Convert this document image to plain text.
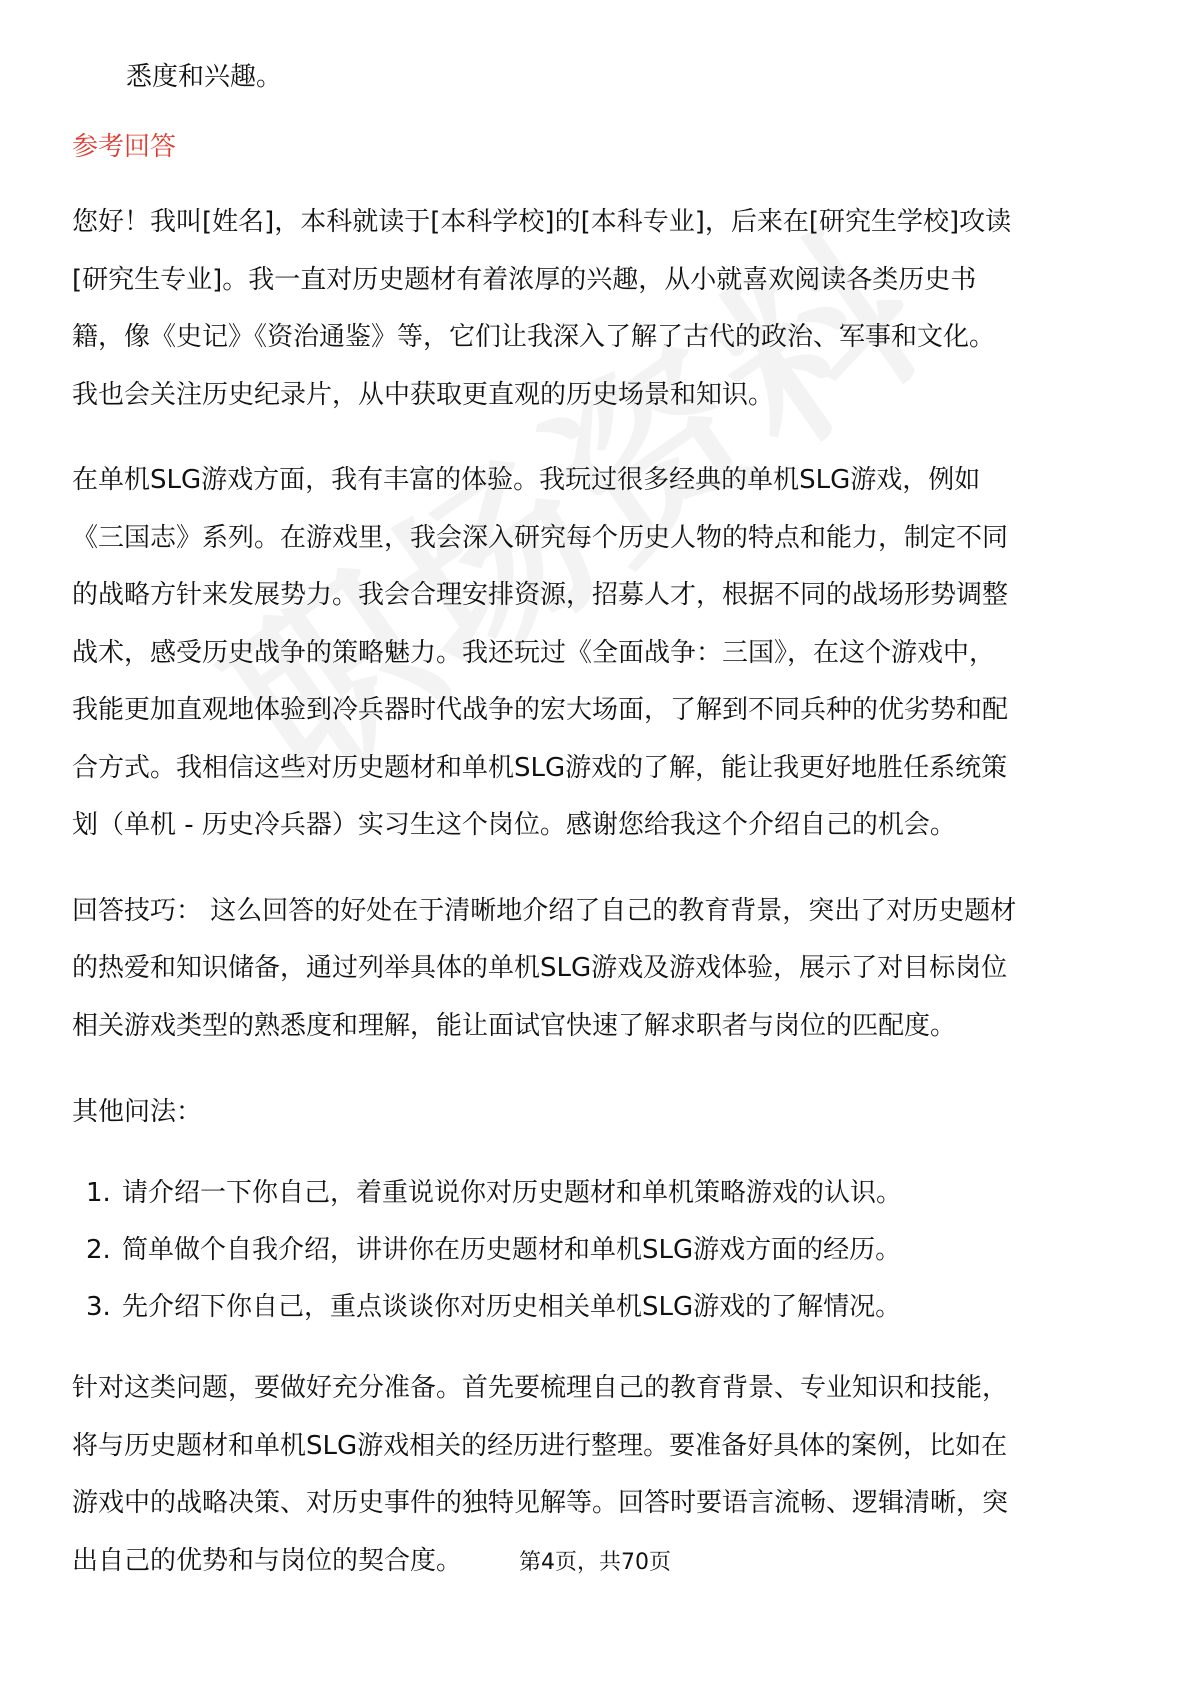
悉度和兴趣。

参考回答

您好！我叫[姓名]，本科就读于[本科学校]的[本科专业]，后来在[研究生学校]攻读

[研究生专业]。我一直对历史题材有着浓厚的兴趣，从小就喜欢阅读各类历史书

籍，像《史记》《资治通鉴》等，它们让我深入了解了古代的政治、军事和文化。

我也会关注历史纪录片，从中获取更直观的历史场景和知识。

在单机SLG游戏方面，我有丰富的体验。我玩过很多经典的单机SLG游戏，例如

《三国志》系列。在游戏里，我会深入研究每个历史人物的特点和能力，制定不同

的战略方针来发展势力。我会合理安排资源，招募人才，根据不同的战场形势调整

战术，感受历史战争的策略魅力。我还玩过《全面战争：三国》，在这个游戏中，

我能更加直观地体验到冷兵器时代战争的宏大场面，了解到不同兵种的优劣势和配

合方式。我相信这些对历史题材和单机SLG游戏的了解，能让我更好地胜任系统策

划（单机 - 历史冷兵器）实习生这个岗位。感谢您给我这个介绍自己的机会。

回答技巧： 这么回答的好处在于清晰地介绍了自己的教育背景，突出了对历史题材

的热爱和知识储备，通过列举具体的单机SLG游戏及游戏体验，展示了对目标岗位

相关游戏类型的熟悉度和理解，能让面试官快速了解求职者与岗位的匹配度。

其他问法：

1. 请介绍一下你自己，着重说说你对历史题材和单机策略游戏的认识。
2. 简单做个自我介绍，讲讲你在历史题材和单机SLG游戏方面的经历。
3. 先介绍下你自己，重点谈谈你对历史相关单机SLG游戏的了解情况。

针对这类问题，要做好充分准备。首先要梳理自己的教育背景、专业知识和技能，

将与历史题材和单机SLG游戏相关的经历进行整理。要准备好具体的案例，比如在

游戏中的战略决策、对历史事件的独特见解等。回答时要语言流畅、逻辑清晰，突

出自己的优势和与岗位的契合度。	第4页，共70页
